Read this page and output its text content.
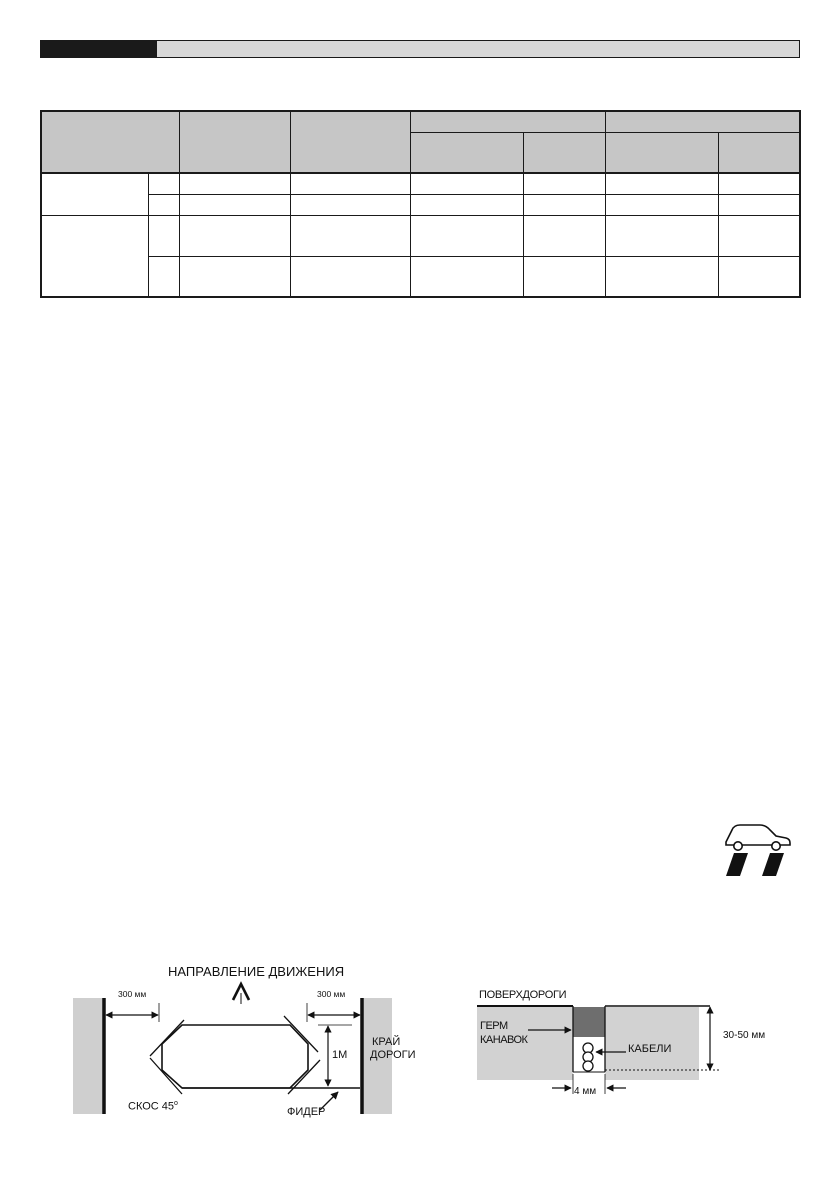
НАПРАВЛЕНИЕ ДВИЖЕНИЯ
300 мм	300 мм
1М
КРАЙ
ДОРОГИ
СКОС 45$^o$
ФИДЕР
ПОВЕРХДОРОГИ
ГЕРМ
КАНАВОК
КАБЕЛИ
30-50 мм
4 мм
